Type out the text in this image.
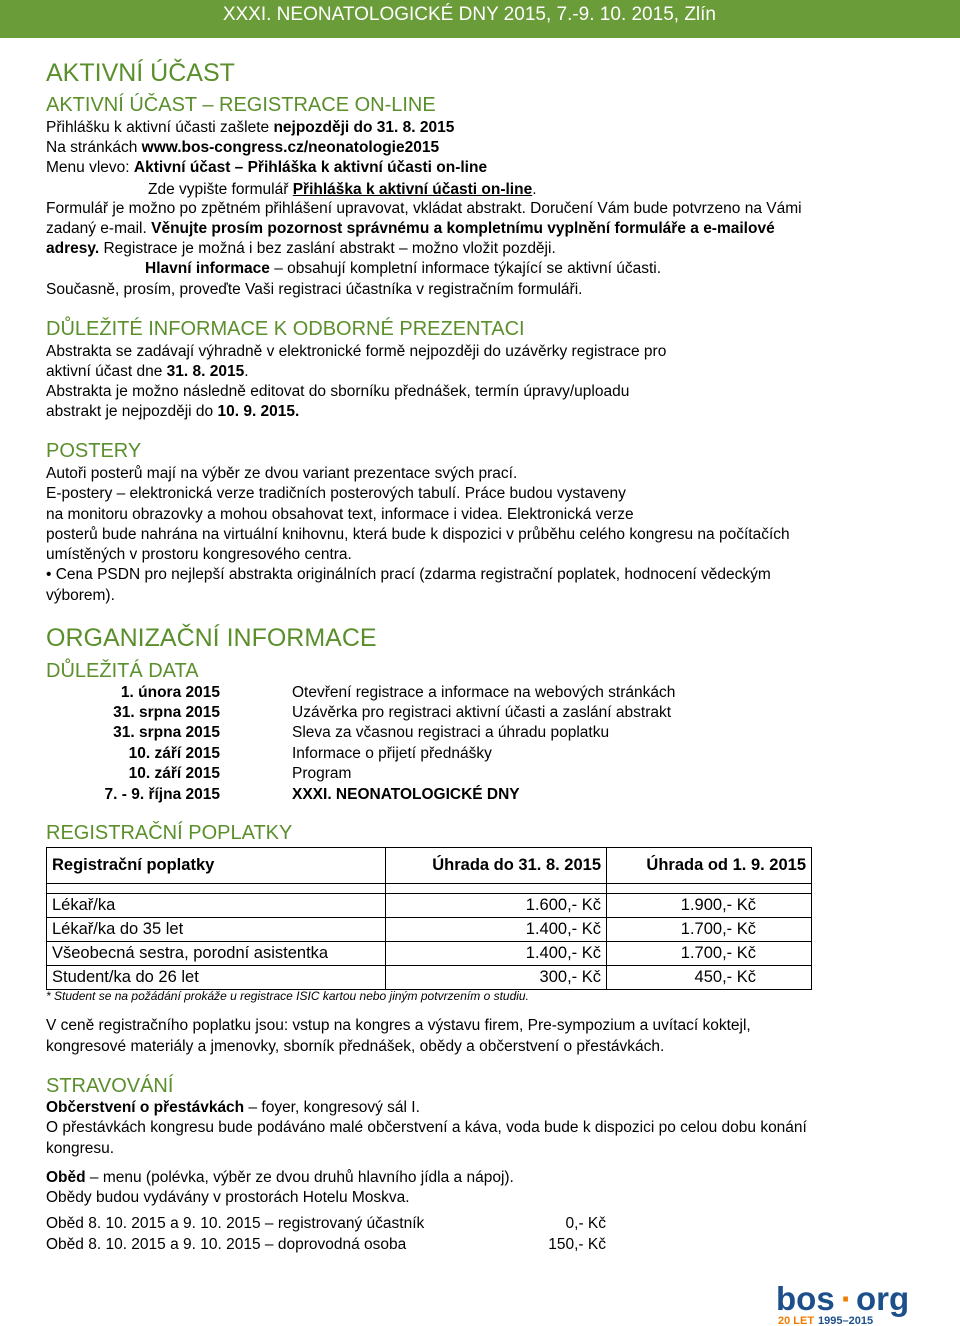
XXXI. NEONATOLOGICKÉ DNY 2015, 7.-9. 10. 2015, Zlín
AKTIVNÍ ÚČAST
AKTIVNÍ ÚČAST – REGISTRACE ON-LINE
Přihlášku k aktivní účasti zašlete nejpozději do 31. 8. 2015
Na stránkách www.bos-congress.cz/neonatologie2015
Menu vlevo: Aktivní účast – Přihláška k aktivní účasti on-line
Zde vypište formulář Přihláška k aktivní účasti on-line.
Formulář je možno po zpětném přihlášení upravovat, vkládat abstrakt. Doručení Vám bude potvrzeno na Vámi
zadaný e-mail. Věnujte prosím pozornost správnému a kompletnímu vyplnění formuláře a e-mailové
adresy. Registrace je možná i bez zaslání abstrakt – možno vložit později.
Hlavní informace – obsahují kompletní informace týkající se aktivní účasti.
Současně, prosím, proveďte Vaši registraci účastníka v registračním formuláři.
DŮLEŽITÉ INFORMACE K ODBORNÉ PREZENTACI
Abstrakta se zadávají výhradně v elektronické formě nejpozději do uzávěrky registrace pro
aktivní účast dne 31. 8. 2015.
Abstrakta je možno následně editovat do sborníku přednášek, termín úpravy/uploadu
abstrakt je nejpozději do 10. 9. 2015.
POSTERY
Autoři posterů mají na výběr ze dvou variant prezentace svých prací.
E-postery – elektronická verze tradičních posterových tabulí. Práce budou vystaveny
na monitoru obrazovky a mohou obsahovat text, informace i videa. Elektronická verze
posterů bude nahrána na virtuální knihovnu, která bude k dispozici v průběhu celého kongresu na počítačích
umístěných v prostoru kongresového centra.
• Cena PSDN pro nejlepší abstrakta originálních prací (zdarma registrační poplatek, hodnocení vědeckým
výborem).
ORGANIZAČNÍ INFORMACE
DŮLEŽITÁ DATA
1. února 2015	Otevření registrace a informace na webových stránkách
31. srpna 2015	Uzávěrka pro registraci aktivní účasti a zaslání abstrakt
31. srpna 2015	Sleva za včasnou registraci a úhradu poplatku
10. září 2015	Informace o přijetí přednášky
10. září 2015	Program
7. - 9. října 2015	XXXI. NEONATOLOGICKÉ DNY
REGISTRAČNÍ POPLATKY
Registrační poplatky	Úhrada do 31. 8. 2015	Úhrada od 1. 9. 2015

Lékař/ka	1.600,- Kč	1.900,- Kč
Lékař/ka do 35 let	1.400,- Kč	1.700,- Kč
Všeobecná sestra, porodní asistentka	1.400,- Kč	1.700,- Kč
Student/ka do 26 let	300,- Kč	450,- Kč
* Student se na požádání prokáže u registrace ISIC kartou nebo jiným potvrzením o studiu.
V ceně registračního poplatku jsou: vstup na kongres a výstavu firem, Pre-sympozium a uvítací koktejl,
kongresové materiály a jmenovky, sborník přednášek, obědy a občerstvení o přestávkách.
STRAVOVÁNÍ
Občerstvení o přestávkách – foyer, kongresový sál I.
O přestávkách kongresu bude podáváno malé občerstvení a káva, voda bude k dispozici po celou dobu konání
kongresu.
Oběd – menu (polévka, výběr ze dvou druhů hlavního jídla a nápoj).
Obědy budou vydávány v prostorách Hotelu Moskva.
Oběd 8. 10. 2015 a 9. 10. 2015 – registrovaný účastník	0,- Kč
Oběd 8. 10. 2015 a 9. 10. 2015 – doprovodná osoba	150,- Kč
bos · org
20 LET 1995–2015
